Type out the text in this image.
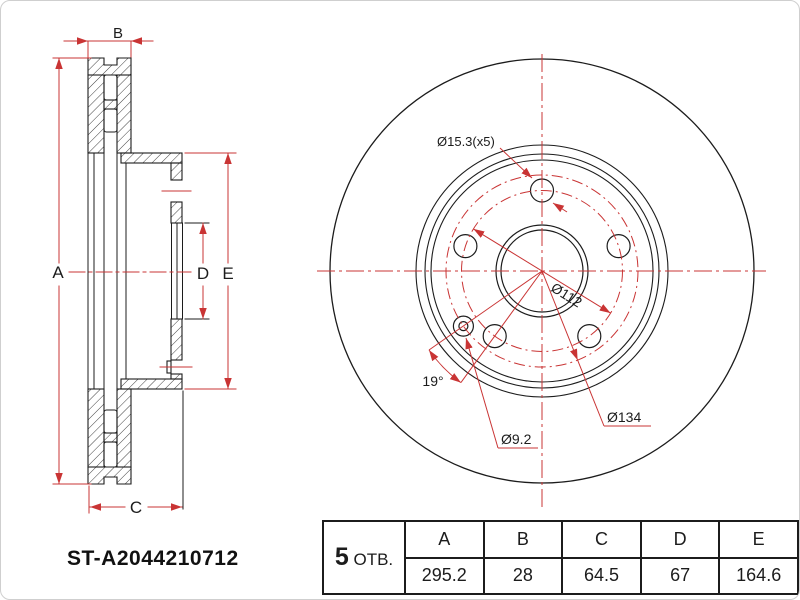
A
B
C
D E
Ø15.3(x5)
Ø112
Ø134
Ø9.2
19°
ST-A2044210712	5 ОТВ.	A	B	C	D	E
	295.2	28	64.5	67	164.6
